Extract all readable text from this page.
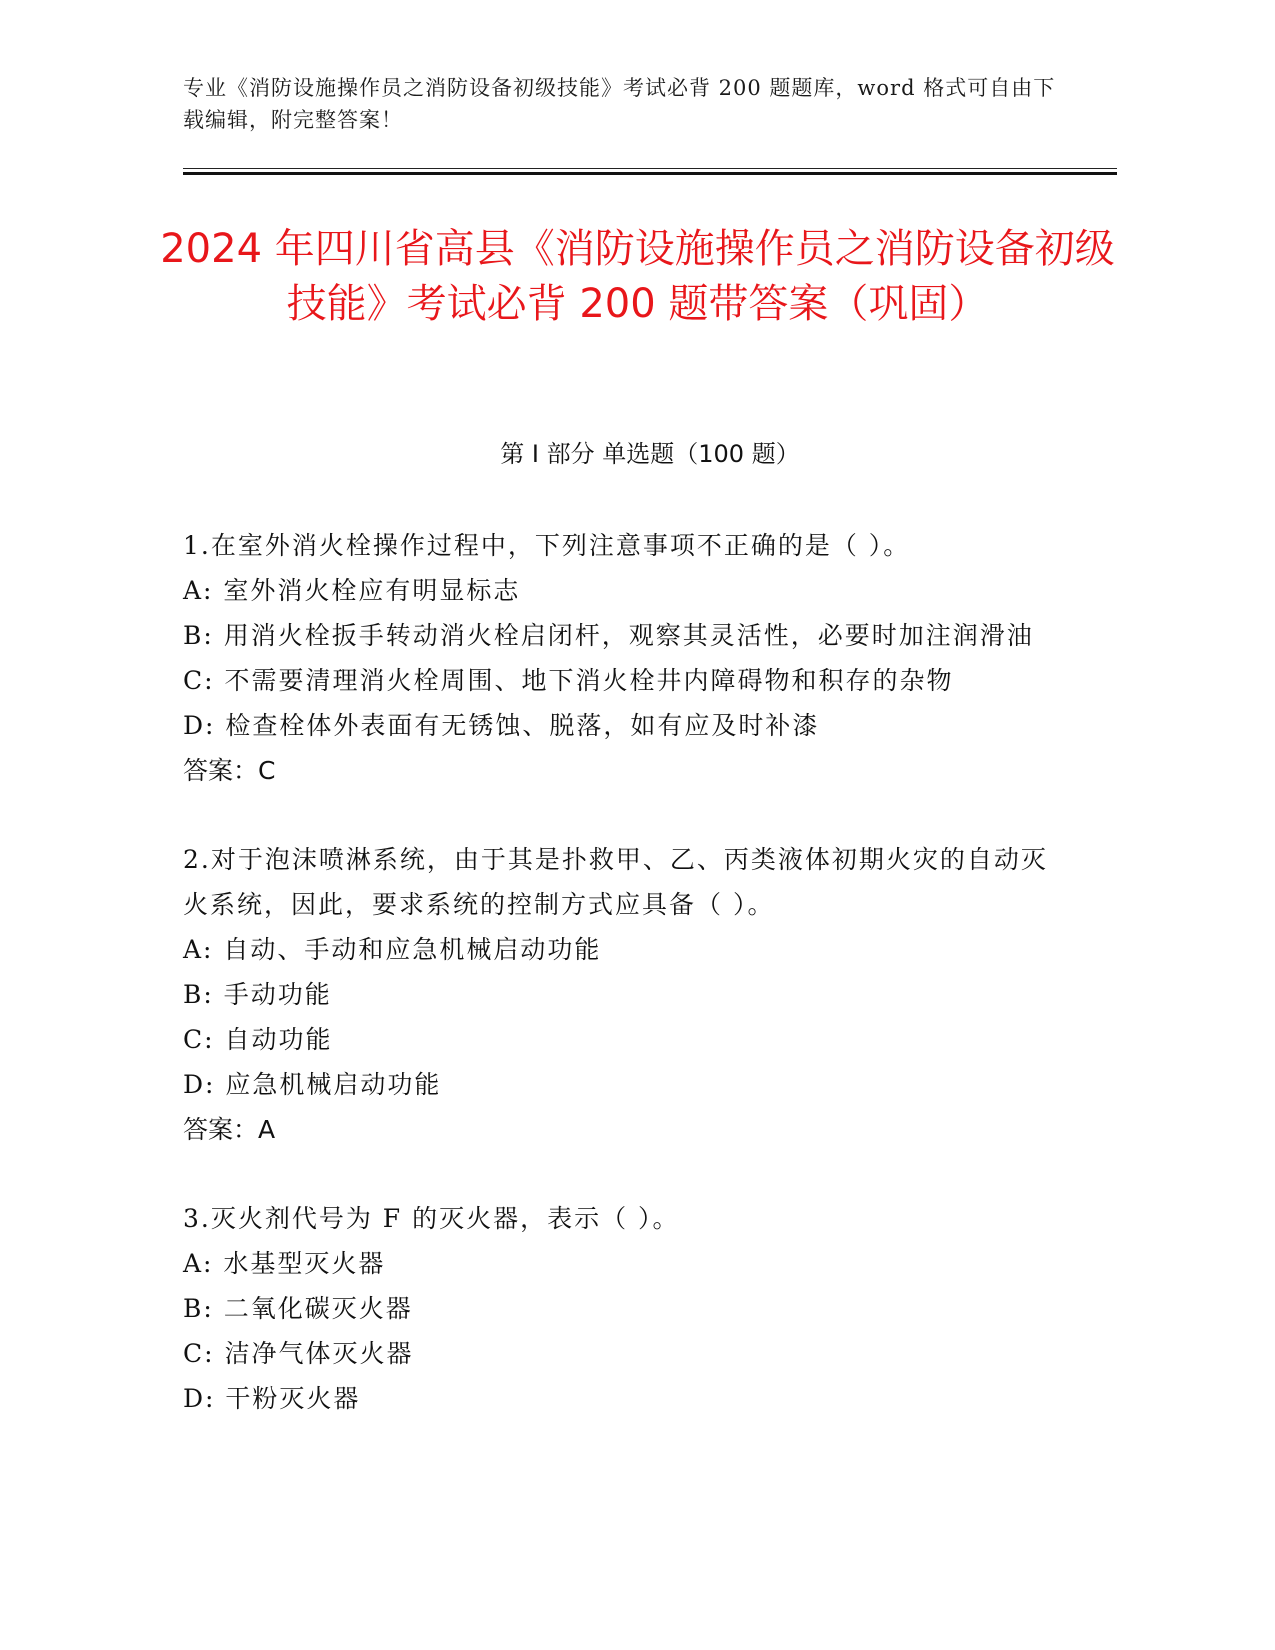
专业《消防设施操作员之消防设备初级技能》考试必背 200 题题库，word 格式可自由下载编辑，附完整答案！
2024 年四川省高县《消防设施操作员之消防设备初级技能》考试必背 200 题带答案（巩固）
第 I 部分 单选题（100 题）

1.在室外消火栓操作过程中，下列注意事项不正确的是（ ）。

A: 室外消火栓应有明显标志

B: 用消火栓扳手转动消火栓启闭杆，观察其灵活性，必要时加注润滑油

C: 不需要清理消火栓周围、地下消火栓井内障碍物和积存的杂物

D: 检查栓体外表面有无锈蚀、脱落，如有应及时补漆

答案：C

2.对于泡沫喷淋系统，由于其是扑救甲、乙、丙类液体初期火灾的自动灭火系统，因此，要求系统的控制方式应具备（ ）。

A: 自动、手动和应急机械启动功能

B: 手动功能

C: 自动功能

D: 应急机械启动功能

答案：A

3.灭火剂代号为 F 的灭火器，表示（ ）。

A: 水基型灭火器

B: 二氧化碳灭火器

C: 洁净气体灭火器

D: 干粉灭火器
